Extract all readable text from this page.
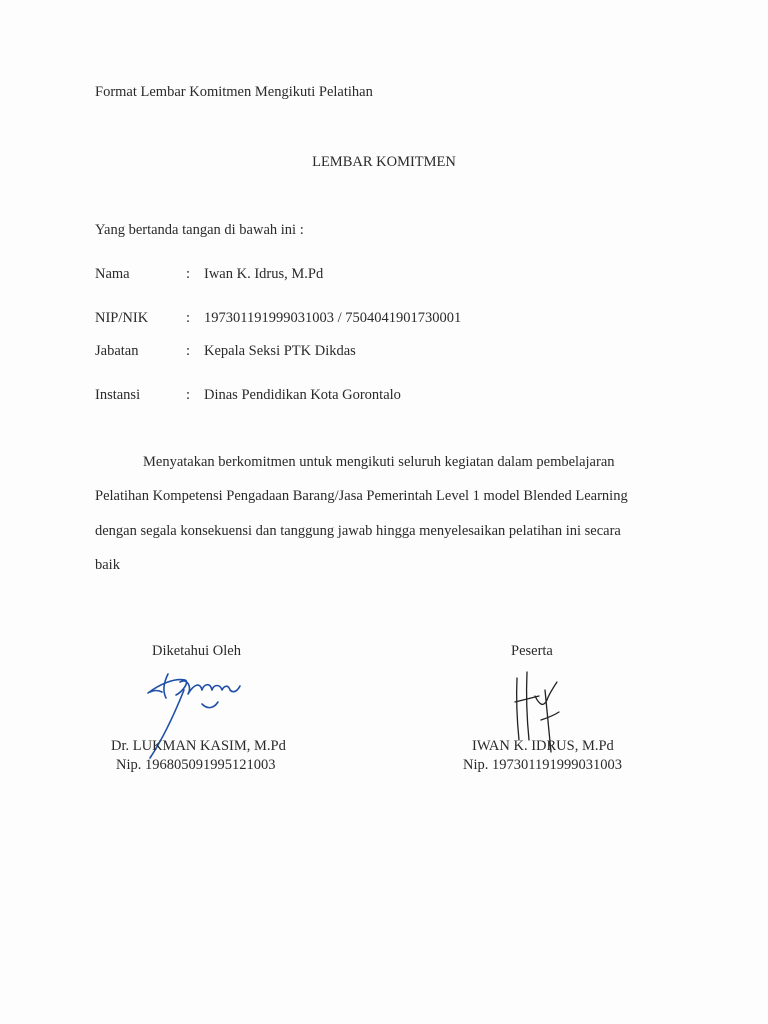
Format Lembar Komitmen Mengikuti Pelatihan
LEMBAR KOMITMEN
Yang bertanda tangan di bawah ini :
Nama	: Iwan K. Idrus, M.Pd
NIP/NIK	: 197301191999031003 / 7504041901730001
Jabatan	: Kepala Seksi PTK Dikdas
Instansi	: Dinas Pendidikan Kota Gorontalo
Menyatakan berkomitmen untuk mengikuti seluruh kegiatan dalam pembelajaran
Pelatihan Kompetensi Pengadaan Barang/Jasa Pemerintah Level 1 model Blended Learning
dengan segala konsekuensi dan tanggung jawab hingga menyelesaikan pelatihan ini secara
baik
Diketahui Oleh
Dr. LUKMAN KASIM, M.Pd
Nip. 196805091995121003
Peserta
IWAN K. IDRUS, M.Pd
Nip. 197301191999031003
